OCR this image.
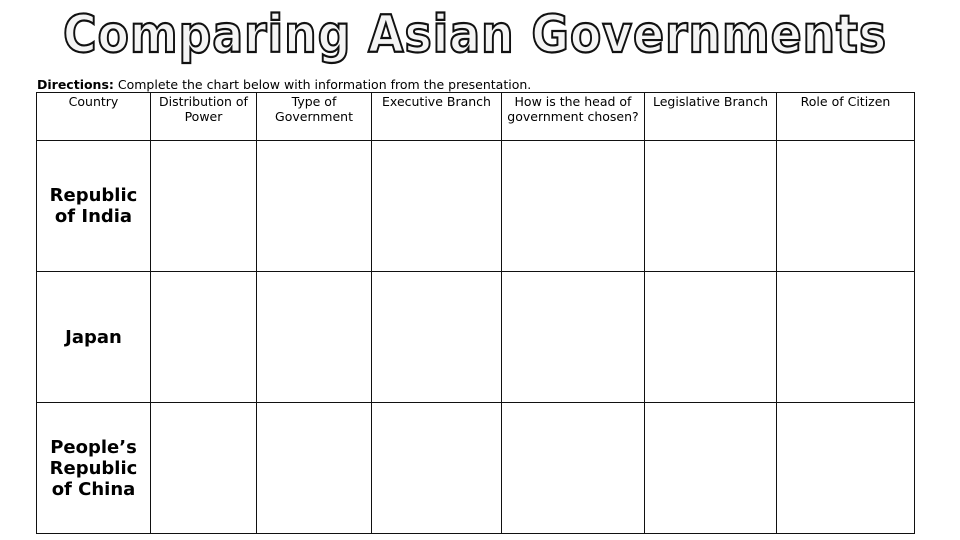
Comparing Asian Governments
Directions: Complete the chart below with information from the presentation.
Country	Distribution of Power	Type of Government	Executive Branch	How is the head of government chosen?	Legislative Branch	Role of Citizen

Republic of India						

Japan						

People’s Republic of China						
